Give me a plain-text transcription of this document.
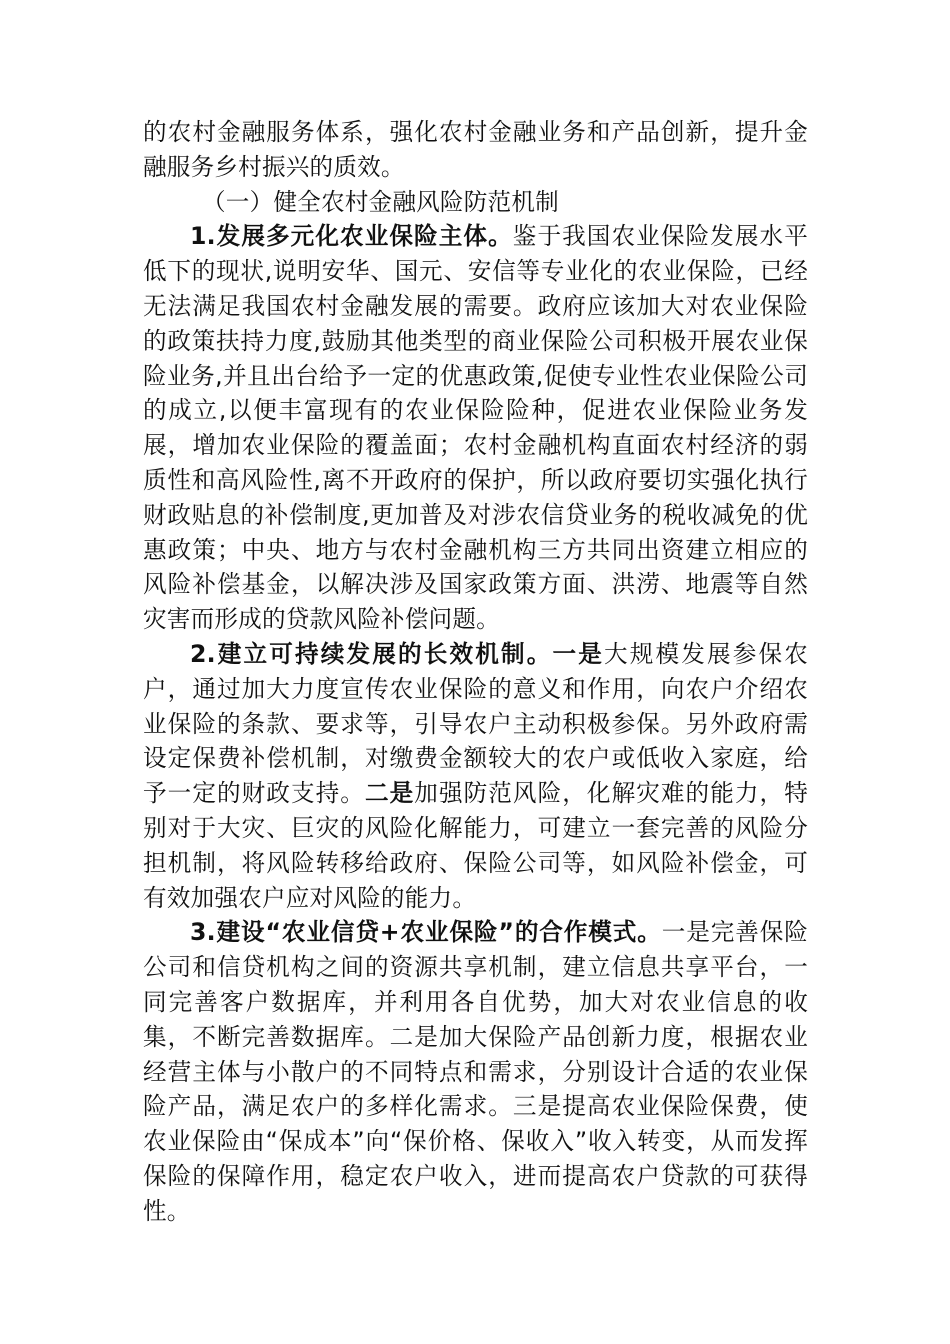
的农村金融服务体系，强化农村金融业务和产品创新，提升金融服务乡村振兴的质效。

（一）健全农村金融风险防范机制

1.发展多元化农业保险主体。鉴于我国农业保险发展水平低下的现状,说明安华、国元、安信等专业化的农业保险，已经无法满足我国农村金融发展的需要。政府应该加大对农业保险的政策扶持力度,鼓励其他类型的商业保险公司积极开展农业保险业务,并且出台给予一定的优惠政策,促使专业性农业保险公司的成立,以便丰富现有的农业保险险种，促进农业保险业务发展，增加农业保险的覆盖面；农村金融机构直面农村经济的弱质性和高风险性,离不开政府的保护，所以政府要切实强化执行财政贴息的补偿制度,更加普及对涉农信贷业务的税收减免的优惠政策；中央、地方与农村金融机构三方共同出资建立相应的风险补偿基金，以解决涉及国家政策方面、洪涝、地震等自然灾害而形成的贷款风险补偿问题。

2.建立可持续发展的长效机制。一是大规模发展参保农户，通过加大力度宣传农业保险的意义和作用，向农户介绍农业保险的条款、要求等，引导农户主动积极参保。另外政府需设定保费补偿机制，对缴费金额较大的农户或低收入家庭，给予一定的财政支持。二是加强防范风险，化解灾难的能力，特别对于大灾、巨灾的风险化解能力，可建立一套完善的风险分担机制，将风险转移给政府、保险公司等，如风险补偿金，可有效加强农户应对风险的能力。

3.建设“农业信贷+农业保险”的合作模式。一是完善保险公司和信贷机构之间的资源共享机制，建立信息共享平台，一同完善客户数据库，并利用各自优势，加大对农业信息的收集，不断完善数据库。二是加大保险产品创新力度，根据农业经营主体与小散户的不同特点和需求，分别设计合适的农业保险产品，满足农户的多样化需求。三是提高农业保险保费，使农业保险由“保成本”向“保价格、保收入”收入转变，从而发挥保险的保障作用，稳定农户收入，进而提高农户贷款的可获得性。
